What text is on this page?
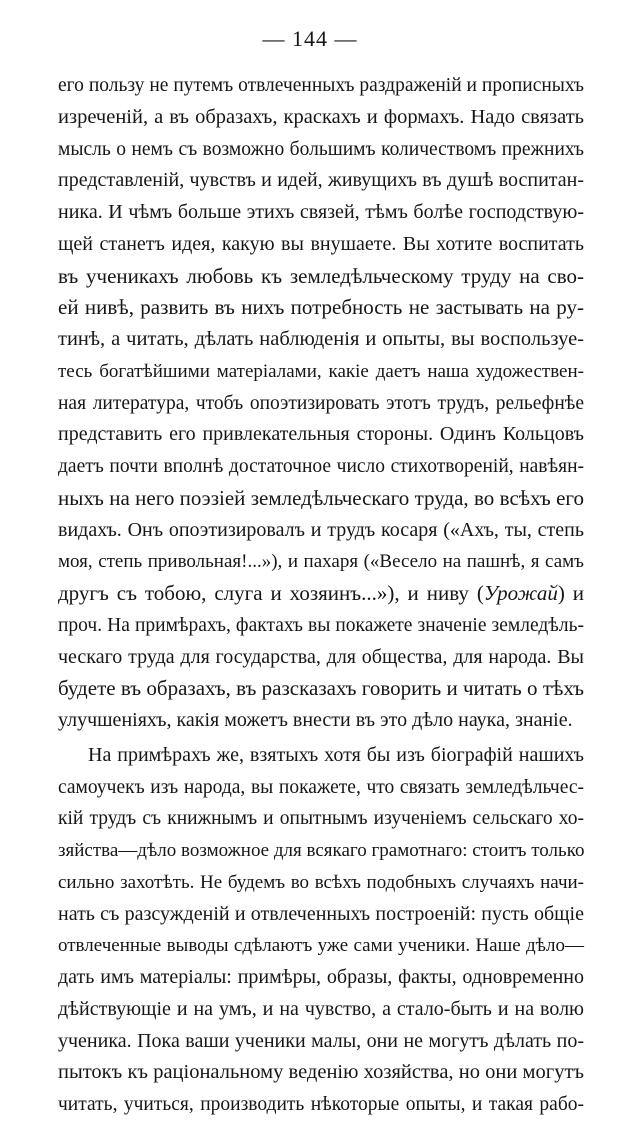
— 144 —
его пользу не путемъ отвлеченныхъ раздраженій и прописныхъ
изреченій, а въ образахъ, краскахъ и формахъ. Надо связать
мысль о немъ съ возможно большимъ количествомъ прежнихъ
представленій, чувствъ и идей, живущихъ въ душѣ воспитан-
ника. И чѣмъ больше этихъ связей, тѣмъ болѣе господствую-
щей станетъ идея, какую вы внушаете. Вы хотите воспитать
въ ученикахъ любовь къ земледѣльческому труду на сво-
ей нивѣ, развить въ нихъ потребность не застывать на ру-
тинѣ, а читать, дѣлать наблюденія и опыты, вы воспользуе-
тесь богатѣйшими матеріалами, какіе даетъ наша художествен-
ная литература, чтобъ опоэтизировать этотъ трудъ, рельефнѣе
представить его привлекательныя стороны. Одинъ Кольцовъ
даетъ почти вполнѣ достаточное число стихотвореній, навѣян-
ныхъ на него поэзіей земледѣльческаго труда, во всѣхъ его
видахъ. Онъ опоэтизировалъ и трудъ косаря («Ахъ, ты, степь
моя, степь привольная!...»), и пахаря («Весело на пашнѣ, я самъ
другъ съ тобою, слуга и хозяинъ...»), и ниву (Урожай) и
проч. На примѣрахъ, фактахъ вы покажете значеніе земледѣль-
ческаго труда для государства, для общества, для народа. Вы
будете въ образахъ, въ разсказахъ говорить и читать о тѣхъ
улучшеніяхъ, какія можетъ внести въ это дѣло наука, знаніе.
На примѣрахъ же, взятыхъ хотя бы изъ біографій нашихъ
самоучекъ изъ народа, вы покажете, что связать земледѣльчес-
кій трудъ съ книжнымъ и опытнымъ изученіемъ сельскаго хо-
зяйства—дѣло возможное для всякаго грамотнаго: стоитъ только
сильно захотѣть. Не будемъ во всѣхъ подобныхъ случаяхъ начи-
нать съ разсужденій и отвлеченныхъ построеній: пусть общіе
отвлеченные выводы сдѣлаютъ уже сами ученики. Наше дѣло—
дать имъ матеріалы: примѣры, образы, факты, одновременно
дѣйствующіе и на умъ, и на чувство, а стало-быть и на волю
ученика. Пока ваши ученики малы, они не могутъ дѣлать по-
пытокъ къ раціональному веденію хозяйства, но они могутъ
читать, учиться, производить нѣкоторые опыты, и такая рабо-
